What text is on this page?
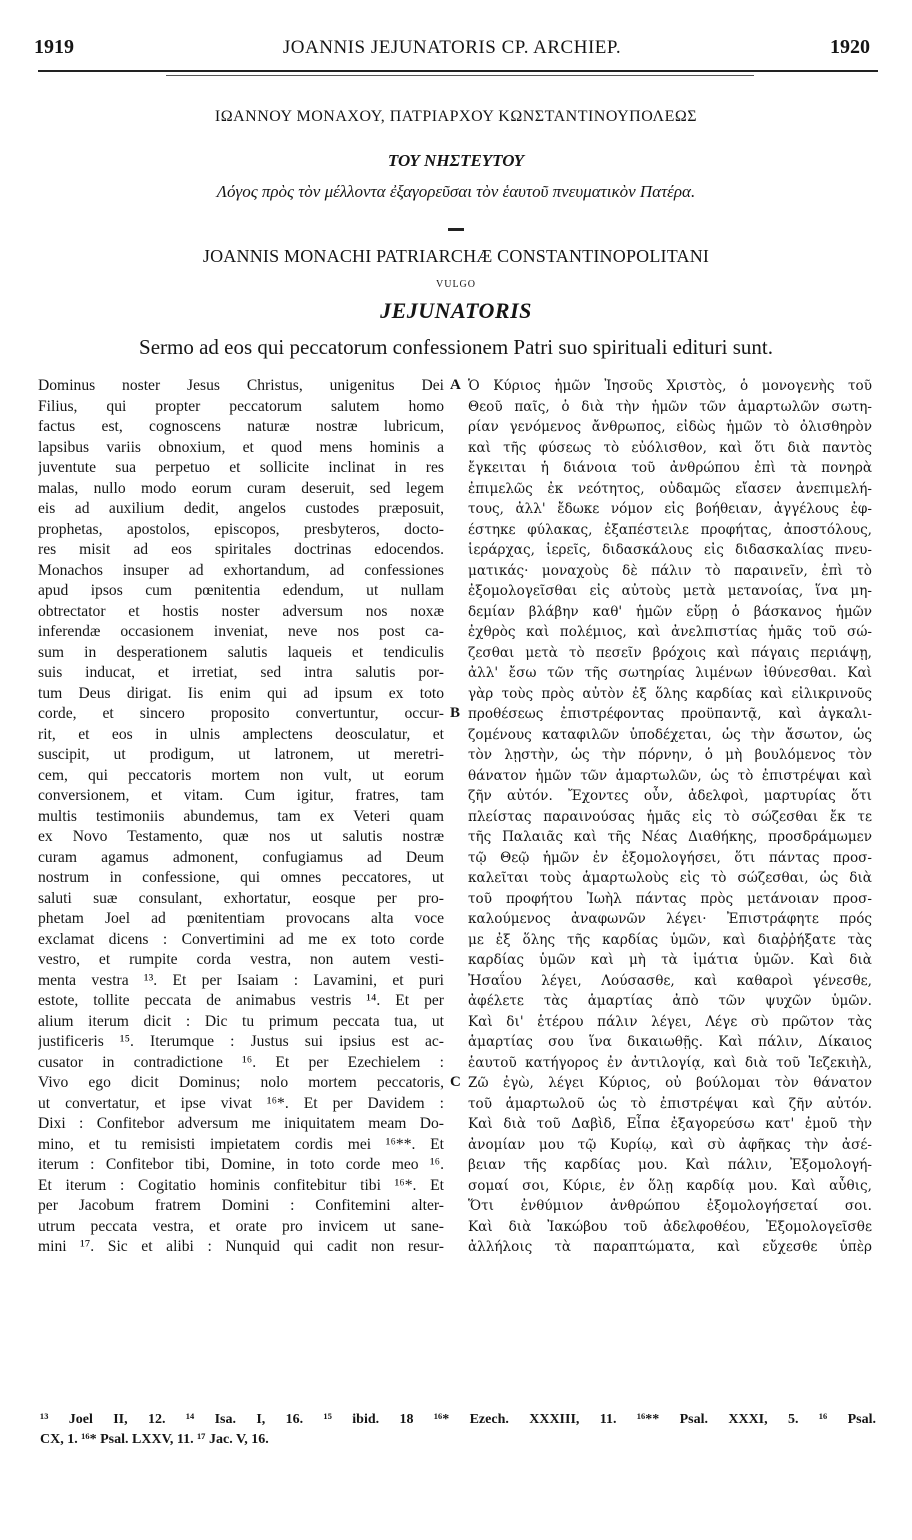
1919	JOANNIS JEJUNATORIS CP. ARCHIEP.	1920

ΙΩΑΝΝΟΥ ΜΟΝΑΧΟΥ, ΠΑΤΡΙΑΡΧΟΥ ΚΩΝΣΤΑΝΤΙΝΟΥΠΟΛΕΩΣ

ΤΟΥ ΝΗΣΤΕΥΤΟΥ

Λόγος πρὸς τὸν μέλλοντα ἐξαγορεῦσαι τὸν ἑαυτοῦ πνευματικὸν Πατέρα.

JOANNIS MONACHI PATRIARCHÆ CONSTANTINOPOLITANI

VULGO

JEJUNATORIS

Sermo ad eos qui peccatorum confessionem Patri suo spirituali edituri sunt.

Dominus noster Jesus Christus, unigenitus Dei
Filius, qui propter peccatorum salutem homo
factus est, cognoscens naturæ nostræ lubricum,
lapsibus variis obnoxium, et quod mens hominis a
juventute sua perpetuo et sollicite inclinat in res
malas, nullo modo eorum curam deseruit, sed legem
eis ad auxilium dedit, angelos custodes præposuit,
prophetas, apostolos, episcopos, presbyteros, docto-
res misit ad eos spiritales doctrinas edocendos.
Monachos insuper ad exhortandum, ad confessiones
apud ipsos cum pœnitentia edendum, ut nullam
obtrectator et hostis noster adversum nos noxæ
inferendæ occasionem inveniat, neve nos post ca-
sum in desperationem salutis laqueis et tendiculis
suis inducat, et irretiat, sed intra salutis por-
tum Deus dirigat. Iis enim qui ad ipsum ex toto
corde, et sincero proposito convertuntur, occur-
rit, et eos in ulnis amplectens deosculatur, et
suscipit, ut prodigum, ut latronem, ut meretri-
cem, qui peccatoris mortem non vult, ut eorum
conversionem, et vitam. Cum igitur, fratres, tam
multis testimoniis abundemus, tam ex Veteri quam
ex Novo Testamento, quæ nos ut salutis nostræ
curam agamus admonent, confugiamus ad Deum
nostrum in confessione, qui omnes peccatores, ut
saluti suæ consulant, exhortatur, eosque per pro-
phetam Joel ad pœnitentiam provocans alta voce
exclamat dicens : Convertimini ad me ex toto corde
vestro, et rumpite corda vestra, non autem vesti-
menta vestra ¹³. Et per Isaiam : Lavamini, et puri
estote, tollite peccata de animabus vestris ¹⁴. Et per
alium iterum dicit : Dic tu primum peccata tua, ut
justificeris ¹⁵. Iterumque : Justus sui ipsius est ac-
cusator in contradictione ¹⁶. Et per Ezechielem :
Vivo ego dicit Dominus; nolo mortem peccatoris,
ut convertatur, et ipse vivat ¹⁶*. Et per Davidem :
Dixi : Confitebor adversum me iniquitatem meam Do-
mino, et tu remisisti impietatem cordis mei ¹⁶**. Et
iterum : Confitebor tibi, Domine, in toto corde meo ¹⁶.
Et iterum : Cogitatio hominis confitebitur tibi ¹⁶*. Et
per Jacobum fratrem Domini : Confitemini alter-
utrum peccata vestra, et orate pro invicem ut sane-
mini ¹⁷. Sic et alibi : Nunquid qui cadit non resur-
A
B
C
Ὁ Κύριος ἡμῶν Ἰησοῦς Χριστὸς, ὁ μονογενὴς τοῦ
Θεοῦ παῖς, ὁ διὰ τὴν ἡμῶν τῶν ἁμαρτωλῶν σωτη-
ρίαν γενόμενος ἄνθρωπος, εἰδὼς ἡμῶν τὸ ὀλισθηρὸν
καὶ τῆς φύσεως τὸ εὐόλισθον, καὶ ὅτι διὰ παντὸς
ἔγκειται ἡ διάνοια τοῦ ἀνθρώπου ἐπὶ τὰ πονηρὰ
ἐπιμελῶς ἐκ νεότητος, οὐδαμῶς εἴασεν ἀνεπιμελή-
τους, ἀλλ' ἔδωκε νόμον εἰς βοήθειαν, ἀγγέλους ἐφ-
έστηκε φύλακας, ἐξαπέστειλε προφήτας, ἀποστόλους,
ἱεράρχας, ἱερεῖς, διδασκάλους εἰς διδασκαλίας πνευ-
ματικάς· μοναχοὺς δὲ πάλιν τὸ παραινεῖν, ἐπὶ τὸ
ἐξομολογεῖσθαι εἰς αὐτοὺς μετὰ μετανοίας, ἵνα μη-
δεμίαν βλάβην καθ' ἡμῶν εὕρῃ ὁ βάσκανος ἡμῶν
ἐχθρὸς καὶ πολέμιος, καὶ ἀνελπιστίας ἡμᾶς τοῦ σώ-
ζεσθαι μετὰ τὸ πεσεῖν βρόχοις καὶ πάγαις περιάψῃ,
ἀλλ' ἔσω τῶν τῆς σωτηρίας λιμένων ἰθύνεσθαι. Καὶ
γὰρ τοὺς πρὸς αὐτὸν ἐξ ὅλης καρδίας καὶ εἰλικρινοῦς
προθέσεως ἐπιστρέφοντας προϋπαντᾷ, καὶ ἀγκαλι-
ζομένους καταφιλῶν ὑποδέχεται, ὡς τὴν ἄσωτον, ὡς
τὸν λῃστὴν, ὡς τὴν πόρνην, ὁ μὴ βουλόμενος τὸν
θάνατον ἡμῶν τῶν ἁμαρτωλῶν, ὡς τὸ ἐπιστρέψαι καὶ
ζῆν αὐτόν. Ἔχοντες οὖν, ἀδελφοὶ, μαρτυρίας ὅτι
πλείστας παραινούσας ἡμᾶς εἰς τὸ σώζεσθαι ἔκ τε
τῆς Παλαιᾶς καὶ τῆς Νέας Διαθήκης, προσδράμωμεν
τῷ Θεῷ ἡμῶν ἐν ἐξομολογήσει, ὅτι πάντας προσ-
καλεῖται τοὺς ἁμαρτωλοὺς εἰς τὸ σώζεσθαι, ὡς διὰ
τοῦ προφήτου Ἰωὴλ πάντας πρὸς μετάνοιαν προσ-
καλούμενος ἀναφωνῶν λέγει· Ἐπιστράφητε πρός
με ἐξ ὅλης τῆς καρδίας ὑμῶν, καὶ διαῤῥήξατε τὰς
καρδίας ὑμῶν καὶ μὴ τὰ ἱμάτια ὑμῶν. Καὶ διὰ
Ἠσαΐου λέγει, Λούσασθε, καὶ καθαροὶ γένεσθε,
ἀφέλετε τὰς ἁμαρτίας ἀπὸ τῶν ψυχῶν ὑμῶν.
Καὶ δι' ἑτέρου πάλιν λέγει, Λέγε σὺ πρῶτον τὰς
ἁμαρτίας σου ἵνα δικαιωθῇς. Καὶ πάλιν, Δίκαιος
ἑαυτοῦ κατήγορος ἐν ἀντιλογίᾳ, καὶ διὰ τοῦ Ἰεζεκιὴλ,
Ζῶ ἐγὼ, λέγει Κύριος, οὐ βούλομαι τὸν θάνατον
τοῦ ἁμαρτωλοῦ ὡς τὸ ἐπιστρέψαι καὶ ζῆν αὐτόν.
Καὶ διὰ τοῦ Δαβὶδ, Εἶπα ἐξαγορεύσω κατ' ἐμοῦ τὴν
ἀνομίαν μου τῷ Κυρίῳ, καὶ σὺ ἀφῆκας τὴν ἀσέ-
βειαν τῆς καρδίας μου. Καὶ πάλιν, Ἐξομολογή-
σομαί σοι, Κύριε, ἐν ὅλῃ καρδίᾳ μου. Καὶ αὖθις,
Ὅτι ἐνθύμιον ἀνθρώπου ἐξομολογήσεταί σοι.
Καὶ διὰ Ἰακώβου τοῦ ἀδελφοθέου, Ἐξομολογεῖσθε
ἀλλήλοις τὰ παραπτώματα, καὶ εὔχεσθε ὑπὲρ
¹³ Joel II, 12. ¹⁴ Isa. I, 16. ¹⁵ ibid. 18 ¹⁶* Ezech. XXXIII, 11. ¹⁶** Psal. XXXI, 5. ¹⁶ Psal.
CX, 1. ¹⁶* Psal. LXXV, 11. ¹⁷ Jac. V, 16.
